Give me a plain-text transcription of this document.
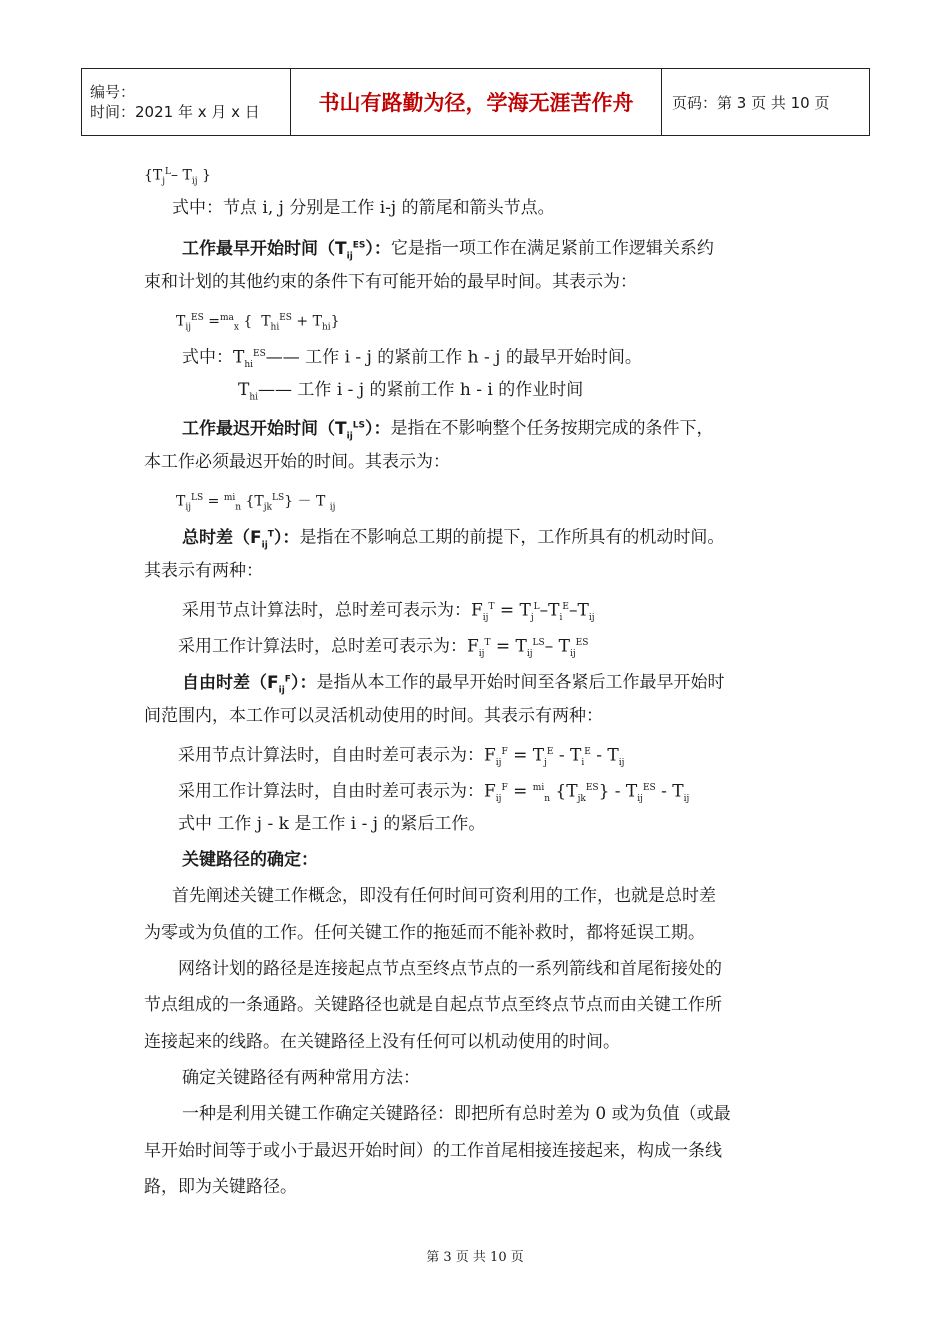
编号：
时间：2021 年 x 月 x 日	书山有路勤为径，学海无涯苦作舟	页码：第 3 页 共 10 页
{$T_j^L-$ $T_{ij}$ }
式中：节点 i, j 分别是工作 i-j 的箭尾和箭头节点。
工作最早开始时间$(T_{ij}^{ES})$：它是指一项工作在满足紧前工作逻辑关系约
束和计划的其他约束的条件下有可能开始的最早时间。其表示为：
$T_{ij}^{ES} =^{ma}_x$ {  $T_{hi}^{ES} + T_{hi}$}
式中：$T_{hi}^{ES}——$ 工作 i - j 的紧前工作 h - j 的最早开始时间。
$T_{hi}——$ 工作 i - j 的紧前工作 h - i 的作业时间
工作最迟开始时间$(T_{ij}^{LS})$：是指在不影响整个任务按期完成的条件下，
本工作必须最迟开始的时间。其表示为：
$T_{ij}^{LS} = ^{mi}_n$ $\{T_{jk}^{LS}\} - T$ $_{ij}$
总时差$(F_{ij}^T)$：是指在不影响总工期的前提下，工作所具有的机动时间。
其表示有两种：
采用节点计算法时，总时差可表示为：$F_{ij}^T = T_j^L-T_i^E-T_{ij}$
采用工作计算法时，总时差可表示为：$F_{ij}^T = T_{ij}^{LS}-$ $T_{ij}^{ES}$
自由时差$(F_{ij}^F)$：是指从本工作的最早开始时间至各紧后工作最早开始时
间范围内，本工作可以灵活机动使用的时间。其表示有两种：
采用节点计算法时，自由时差可表示为：$F_{ij}^F = T_j^E - T_i^E - T_{ij}$
采用工作计算法时，自由时差可表示为：$F_{ij}^F = ^{mi}_n$ $\{T_{jk}^{ES}\} - T_{ij}^{ES} - T_{ij}$
式中 工作 j - k 是工作 i - j 的紧后工作。
关键路径的确定：
首先阐述关键工作概念，即没有任何时间可资利用的工作，也就是总时差
为零或为负值的工作。任何关键工作的拖延而不能补救时，都将延误工期。
网络计划的路径是连接起点节点至终点节点的一系列箭线和首尾衔接处的
节点组成的一条通路。关键路径也就是自起点节点至终点节点而由关键工作所
连接起来的线路。在关键路径上没有任何可以机动使用的时间。
确定关键路径有两种常用方法：
一种是利用关键工作确定关键路径：即把所有总时差为 0 或为负值（或最
早开始时间等于或小于最迟开始时间）的工作首尾相接连接起来，构成一条线
路，即为关键路径。
第 3 页 共 10 页
